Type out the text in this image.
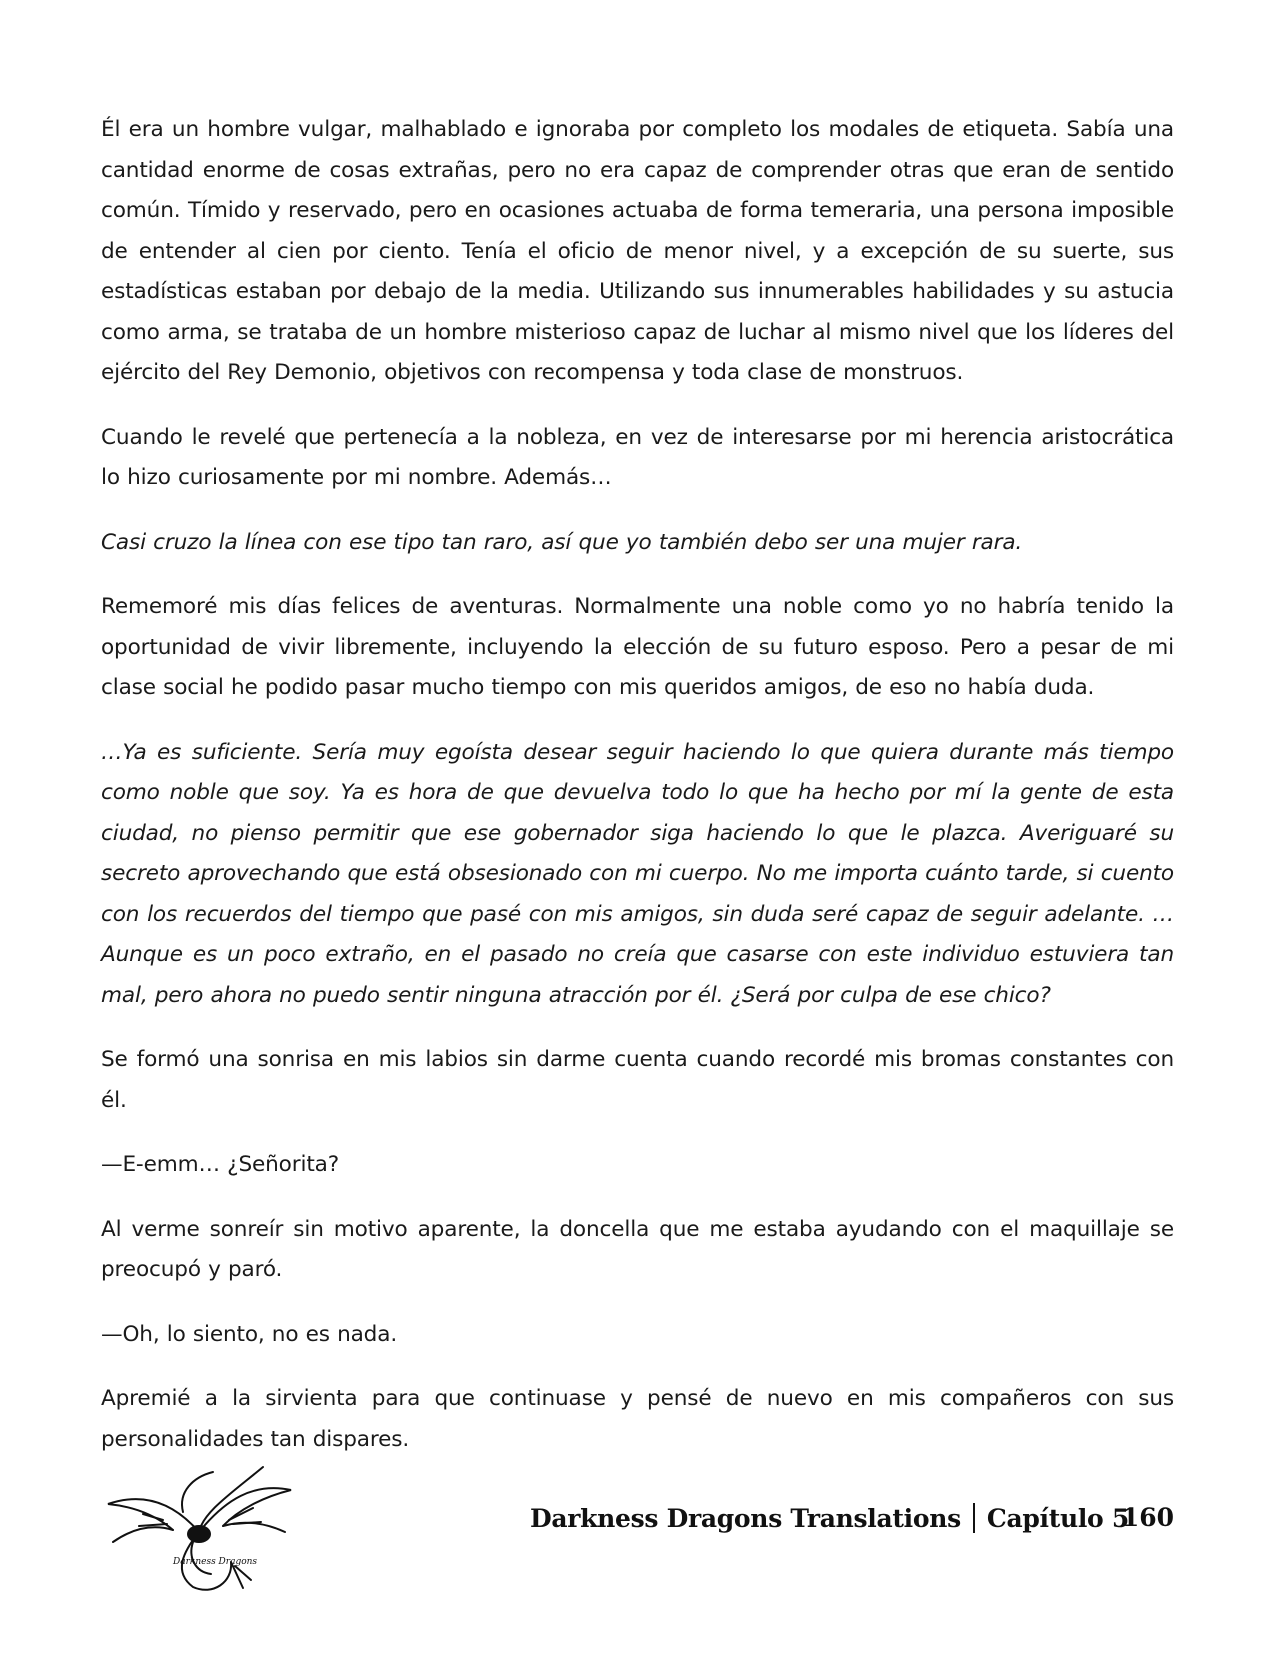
Él era un hombre vulgar, malhablado e ignoraba por completo los modales de etiqueta. Sabía una cantidad enorme de cosas extrañas, pero no era capaz de comprender otras que eran de sentido común. Tímido y reservado, pero en ocasiones actuaba de forma temeraria, una persona imposible de entender al cien por ciento. Tenía el oficio de menor nivel, y a excepción de su suerte, sus estadísticas estaban por debajo de la media. Utilizando sus innumerables habilidades y su astucia como arma, se trataba de un hombre misterioso capaz de luchar al mismo nivel que los líderes del ejército del Rey Demonio, objetivos con recompensa y toda clase de monstruos.

Cuando le revelé que pertenecía a la nobleza, en vez de interesarse por mi herencia aristocrática lo hizo curiosamente por mi nombre. Además…

Casi cruzo la línea con ese tipo tan raro, así que yo también debo ser una mujer rara.

Rememoré mis días felices de aventuras. Normalmente una noble como yo no habría tenido la oportunidad de vivir libremente, incluyendo la elección de su futuro esposo. Pero a pesar de mi clase social he podido pasar mucho tiempo con mis queridos amigos, de eso no había duda.

…Ya es suficiente. Sería muy egoísta desear seguir haciendo lo que quiera durante más tiempo como noble que soy. Ya es hora de que devuelva todo lo que ha hecho por mí la gente de esta ciudad, no pienso permitir que ese gobernador siga haciendo lo que le plazca. Averiguaré su secreto aprovechando que está obsesionado con mi cuerpo. No me importa cuánto tarde, si cuento con los recuerdos del tiempo que pasé con mis amigos, sin duda seré capaz de seguir adelante. …Aunque es un poco extraño, en el pasado no creía que casarse con este individuo estuviera tan mal, pero ahora no puedo sentir ninguna atracción por él. ¿Será por culpa de ese chico?

Se formó una sonrisa en mis labios sin darme cuenta cuando recordé mis bromas constantes con él.

—E-emm… ¿Señorita?

Al verme sonreír sin motivo aparente, la doncella que me estaba ayudando con el maquillaje se preocupó y paró.

—Oh, lo siento, no es nada.

Apremié a la sirvienta para que continuase y pensé de nuevo en mis compañeros con sus personalidades tan dispares.

Darkness Dragons
Darkness Dragons Translations Capítulo 5
160
